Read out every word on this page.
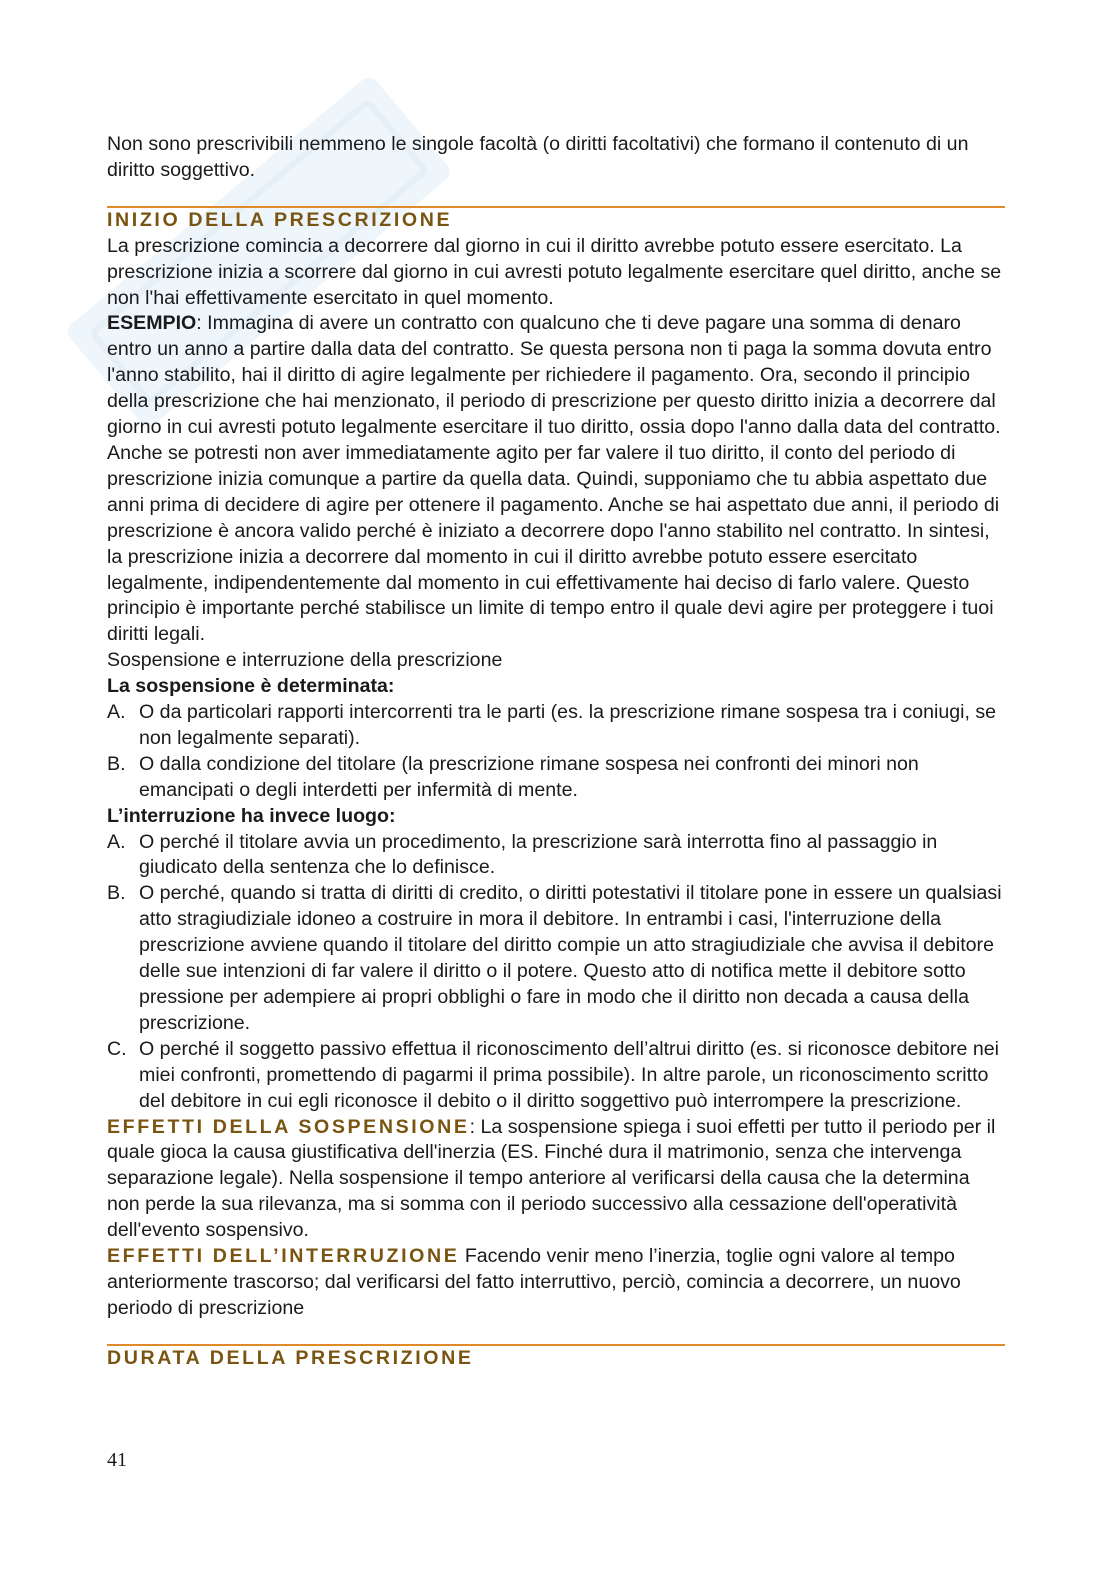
Non sono prescrivibili nemmeno le singole facoltà (o diritti facoltativi) che formano il contenuto di un diritto soggettivo.

INIZIO DELLA PRESCRIZIONE

La prescrizione comincia a decorrere dal giorno in cui il diritto avrebbe potuto essere esercitato. La prescrizione inizia a scorrere dal giorno in cui avresti potuto legalmente esercitare quel diritto, anche se non l'hai effettivamente esercitato in quel momento.

ESEMPIO: Immagina di avere un contratto con qualcuno che ti deve pagare una somma di denaro entro un anno a partire dalla data del contratto. Se questa persona non ti paga la somma dovuta entro l'anno stabilito, hai il diritto di agire legalmente per richiedere il pagamento. Ora, secondo il principio della prescrizione che hai menzionato, il periodo di prescrizione per questo diritto inizia a decorrere dal giorno in cui avresti potuto legalmente esercitare il tuo diritto, ossia dopo l'anno dalla data del contratto. Anche se potresti non aver immediatamente agito per far valere il tuo diritto, il conto del periodo di prescrizione inizia comunque a partire da quella data. Quindi, supponiamo che tu abbia aspettato due anni prima di decidere di agire per ottenere il pagamento. Anche se hai aspettato due anni, il periodo di prescrizione è ancora valido perché è iniziato a decorrere dopo l'anno stabilito nel contratto. In sintesi, la prescrizione inizia a decorrere dal momento in cui il diritto avrebbe potuto essere esercitato legalmente, indipendentemente dal momento in cui effettivamente hai deciso di farlo valere. Questo principio è importante perché stabilisce un limite di tempo entro il quale devi agire per proteggere i tuoi diritti legali.

Sospensione e interruzione della prescrizione

La sospensione è determinata:

A. O da particolari rapporti intercorrenti tra le parti (es. la prescrizione rimane sospesa tra i coniugi, se non legalmente separati).
B. O dalla condizione del titolare (la prescrizione rimane sospesa nei confronti dei minori non emancipati o degli interdetti per infermità di mente.

L’interruzione ha invece luogo:

A. O perché il titolare avvia un procedimento, la prescrizione sarà interrotta fino al passaggio in giudicato della sentenza che lo definisce.
B. O perché, quando si tratta di diritti di credito, o diritti potestativi il titolare pone in essere un qualsiasi atto stragiudiziale idoneo a costruire in mora il debitore. In entrambi i casi, l'interruzione della prescrizione avviene quando il titolare del diritto compie un atto stragiudiziale che avvisa il debitore delle sue intenzioni di far valere il diritto o il potere. Questo atto di notifica mette il debitore sotto pressione per adempiere ai propri obblighi o fare in modo che il diritto non decada a causa della prescrizione.
C. O perché il soggetto passivo effettua il riconoscimento dell’altrui diritto (es. si riconosce debitore nei miei confronti, promettendo di pagarmi il prima possibile). In altre parole, un riconoscimento scritto del debitore in cui egli riconosce il debito o il diritto soggettivo può interrompere la prescrizione.

EFFETTI DELLA SOSPENSIONE: La sospensione spiega i suoi effetti per tutto il periodo per il quale gioca la causa giustificativa dell'inerzia (ES. Finché dura il matrimonio, senza che intervenga separazione legale). Nella sospensione il tempo anteriore al verificarsi della causa che la determina non perde la sua rilevanza, ma si somma con il periodo successivo alla cessazione dell'operatività dell'evento sospensivo.

EFFETTI DELL’INTERRUZIONE Facendo venir meno l’inerzia, toglie ogni valore al tempo anteriormente trascorso; dal verificarsi del fatto interruttivo, perciò, comincia a decorrere, un nuovo periodo di prescrizione

DURATA DELLA PRESCRIZIONE
41
